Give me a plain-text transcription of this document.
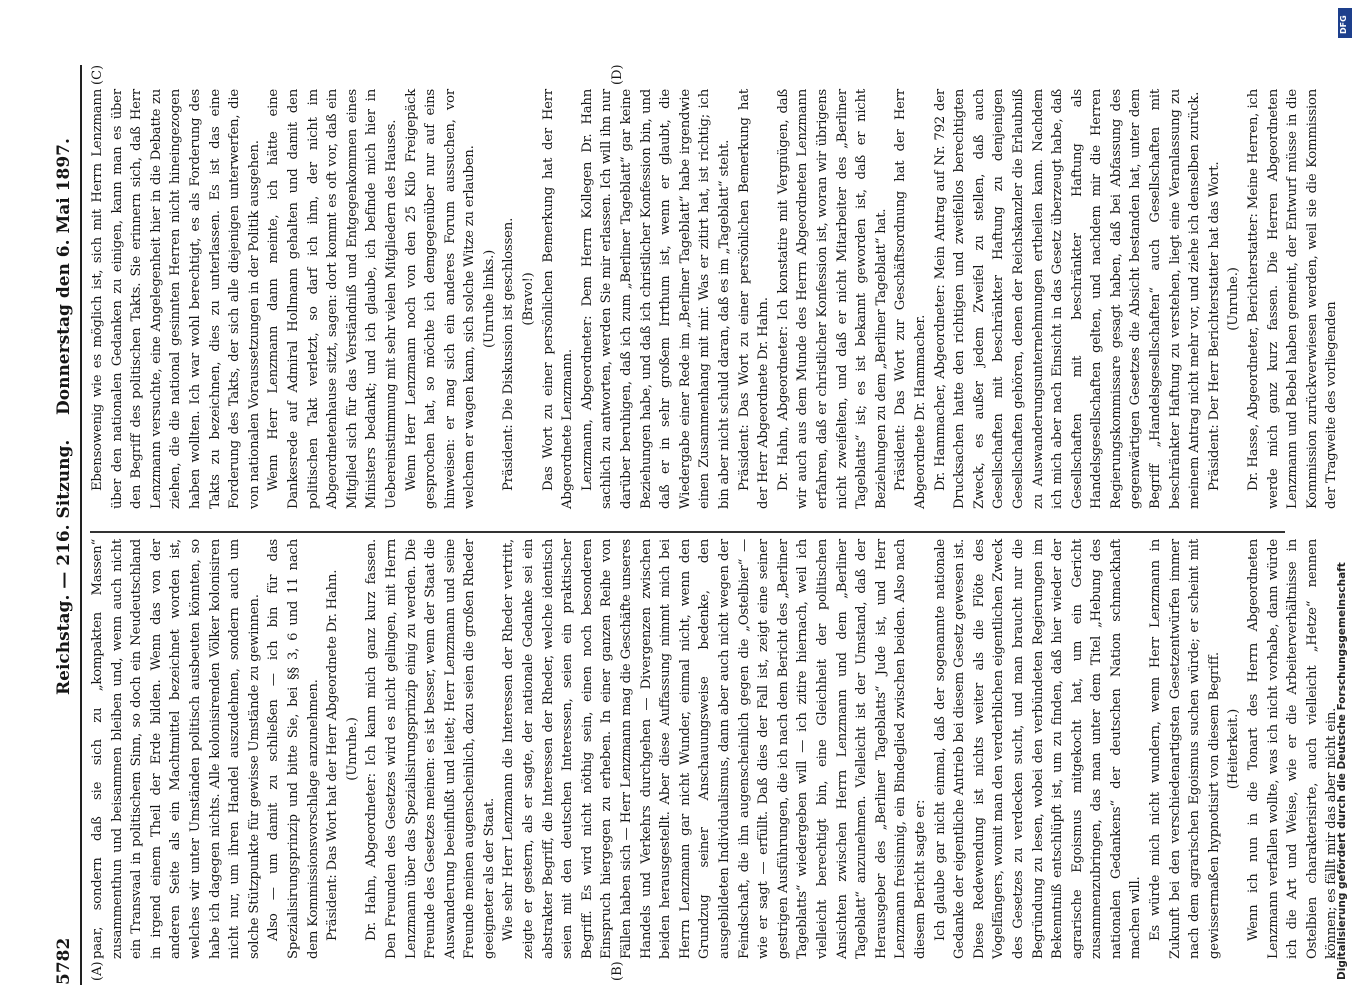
5782
Reichstag. — 216. Sitzung.
Donnerstag den 6. Mai 1897.
(A)	(B)
(C)	(D)

paar, sondern daß sie sich zu „kompakten Massen“ zusammenthun und beisammen bleiben und, wenn auch nicht ein Transvaal in politischem Sinn, so doch ein Neudeutschland in irgend einem Theil der Erde bilden. Wenn das von der anderen Seite als ein Machtmittel bezeichnet worden ist, welches wir unter Umständen politisch ausbeuten könnten, so habe ich dagegen nichts. Alle kolonisirenden Völker kolonisiren nicht nur, um ihren Handel auszudehnen, sondern auch um solche Stützpunkte für gewisse Umstände zu gewinnen. Also — um damit zu schließen — ich bin für das Spezialisirungsprinzip und bitte Sie, bei §§ 3, 6 und 11 nach dem Kommissionsvorschlage anzunehmen. Präsident: Das Wort hat der Herr Abgeordnete Dr. Hahn. (Unruhe.) Dr. Hahn, Abgeordneter: Ich kann mich ganz kurz fassen. Den Freunden des Gesetzes wird es nicht gelingen, mit Herrn Lenzmann über das Spezialisirungsprinzip einig zu werden. Die Freunde des Gesetzes meinen: es ist besser, wenn der Staat die Auswanderung beeinflußt und leitet; Herr Lenzmann und seine Freunde meinen augenscheinlich, dazu seien die großen Rheder geeigneter als der Staat. Wie sehr Herr Lenzmann die Interessen der Rheder vertritt, zeigte er gestern, als er sagte, der nationale Gedanke sei ein abstrakter Begriff, die Interessen der Rheder, welche identisch seien mit den deutschen Interessen, seien ein praktischer Begriff. Es wird nicht nöthig sein, einen noch besonderen Einspruch hiergegen zu erheben. In einer ganzen Reihe von Fällen haben sich — Herr Lenzmann mag die Geschäfte unseres Handels und Verkehrs durchgehen — Divergenzen zwischen beiden herausgestellt. Aber diese Auffassung nimmt mich bei Herrn Lenzmann gar nicht Wunder, einmal nicht, wenn den Grundzug seiner Anschauungsweise bedenke, den ausgebildeten Individualismus, dann aber auch nicht wegen der Feindschaft, die ihn augenscheinlich gegen die „Ostelbier“ — wie er sagt — erfüllt. Daß dies der Fall ist, zeigt eine seiner gestrigen Ausführungen, die ich nach dem Bericht des „Berliner Tageblatts“ wiedergeben will — ich zitire hiernach, weil ich vielleicht berechtigt bin, eine Gleichheit der politischen Ansichten zwischen Herrn Lenzmann und dem „Berliner Tageblatt“ anzunehmen. Vielleicht ist der Umstand, daß der Herausgeber des „Berliner Tageblatts“ Jude ist, und Herr Lenzmann freisinnig, ein Bindeglied zwischen beiden. Also nach diesem Bericht sagte er: Ich glaube gar nicht einmal, daß der sogenannte nationale Gedanke der eigentliche Antrieb bei diesem Gesetz gewesen ist. Diese Redewendung ist nichts weiter als die Flöte des Vogelfängers, womit man den verderblichen eigentlichen Zweck des Gesetzes zu verdecken sucht, und man braucht nur die Begründung zu lesen, wobei den verbündeten Regierungen im Bekenntniß entschlüpft ist, um zu finden, daß hier wieder der agrarische Egoismus mitgekocht hat, um ein Gericht zusammenzubringen, das man unter dem Titel „Hebung des nationalen Gedankens“ der deutschen Nation schmackhaft machen will. Es würde mich nicht wundern, wenn Herr Lenzmann in Zukunft bei den verschiedenartigsten Gesetzentwürfen immer nach dem agrarischen Egoismus suchen würde; er scheint mit gewissermaßen hypnotisirt von diesem Begriff. (Heiterkeit.) Wenn ich nun in die Tonart des Herrn Abgeordneten Lenzmann verfallen wollte, was ich nicht vorhabe, dann würde ich die Art und Weise, wie er die Arbeiterverhältnisse in Ostelbien charakterisirte, auch vielleicht „Hetze“ nennen können; es fällt mir das aber nicht ein.

Ebensowenig wie es möglich ist, sich mit Herrn Lenzmann über den nationalen Gedanken zu einigen, kann man es über den Begriff des politischen Takts. Sie erinnern sich, daß Herr Lenzmann versuchte, eine Angelegenheit hier in die Debatte zu ziehen, die die national gesinnten Herren nicht hineingezogen haben wollten. Ich war wohl berechtigt, es als Forderung des Takts zu bezeichnen, dies zu unterlassen. Es ist das eine Forderung des Takts, der sich alle diejenigen unterwerfen, die von nationalen Voraussetzungen in der Politik ausgehen. Wenn Herr Lenzmann dann meinte, ich hätte eine Dankesrede auf Admiral Hollmann gehalten und damit den politischen Takt verletzt, so darf ich ihm, der nicht im Abgeordnetenhause sitzt, sagen: dort kommt es oft vor, daß ein Mitglied sich für das Verständniß und Entgegenkommen eines Ministers bedankt; und ich glaube, ich befinde mich hier in Uebereinstimmung mit sehr vielen Mitgliedern des Hauses. Wenn Herr Lenzmann noch von den 25 Kilo Freigepäck gesprochen hat, so möchte ich demgegenüber nur auf eins hinweisen: er mag sich ein anderes Forum aussuchen, vor welchem er wagen kann, sich solche Witze zu erlauben. (Unruhe links.) Präsident: Die Diskussion ist geschlossen. (Bravo!) Das Wort zu einer persönlichen Bemerkung hat der Herr Abgeordnete Lenzmann. Lenzmann, Abgeordneter: Dem Herrn Kollegen Dr. Hahn sachlich zu antworten, werden Sie mir erlassen. Ich will ihn nur darüber beruhigen, daß ich zum „Berliner Tageblatt“ gar keine Beziehungen habe, und daß ich christlicher Konfession bin, und daß er in sehr großem Irrthum ist, wenn er glaubt, die Wiedergabe einer Rede im „Berliner Tageblatt“ habe irgendwie einen Zusammenhang mit mir. Was er zitirt hat, ist richtig; ich bin aber nicht schuld daran, daß es im „Tageblatt“ steht. Präsident: Das Wort zu einer persönlichen Bemerkung hat der Herr Abgeordnete Dr. Hahn. Dr. Hahn, Abgeordneter: Ich konstatire mit Vergnügen, daß wir auch aus dem Munde des Herrn Abgeordneten Lenzmann erfahren, daß er christlicher Konfession ist, woran wir übrigens nicht zweifelten, und daß er nicht Mitarbeiter des „Berliner Tageblatts“ ist; es ist bekannt geworden ist, daß er nicht Beziehungen zu dem „Berliner Tageblatt“ hat. Präsident: Das Wort zur Geschäftsordnung hat der Herr Abgeordnete Dr. Hammacher. Dr. Hammacher, Abgeordneter: Mein Antrag auf Nr. 792 der Drucksachen hatte den richtigen und zweifellos berechtigten Zweck, es außer jedem Zweifel zu stellen, daß auch Gesellschaften mit beschränkter Haftung zu denjenigen Gesellschaften gehören, denen der Reichskanzler die Erlaubniß zu Auswanderungsunternehmungen ertheilen kann. Nachdem ich mich aber nach Einsicht in das Gesetz überzeugt habe, daß Gesellschaften mit beschränkter Haftung als Handelsgesellschaften gelten, und nachdem mir die Herren Regierungskommissare gesagt haben, daß bei Abfassung des gegenwärtigen Gesetzes die Absicht bestanden hat, unter dem Begriff „Handelsgesellschaften“ auch Gesellschaften mit beschränkter Haftung zu verstehen, liegt eine Veranlassung zu meinem Antrag nicht mehr vor, und ziehe ich denselben zurück. Präsident: Der Herr Berichterstatter hat das Wort. (Unruhe.) Dr. Hasse, Abgeordneter, Berichterstatter: Meine Herren, ich werde mich ganz kurz fassen. Die Herren Abgeordneten Lenzmann und Bebel haben gemeint, der Entwurf müsse in die Kommission zurückverwiesen werden, weil sie die Kommission der Tragweite des vorliegenden

DFG
Digitalisierung gefördert durch die Deutsche Forschungsgemeinschaft
